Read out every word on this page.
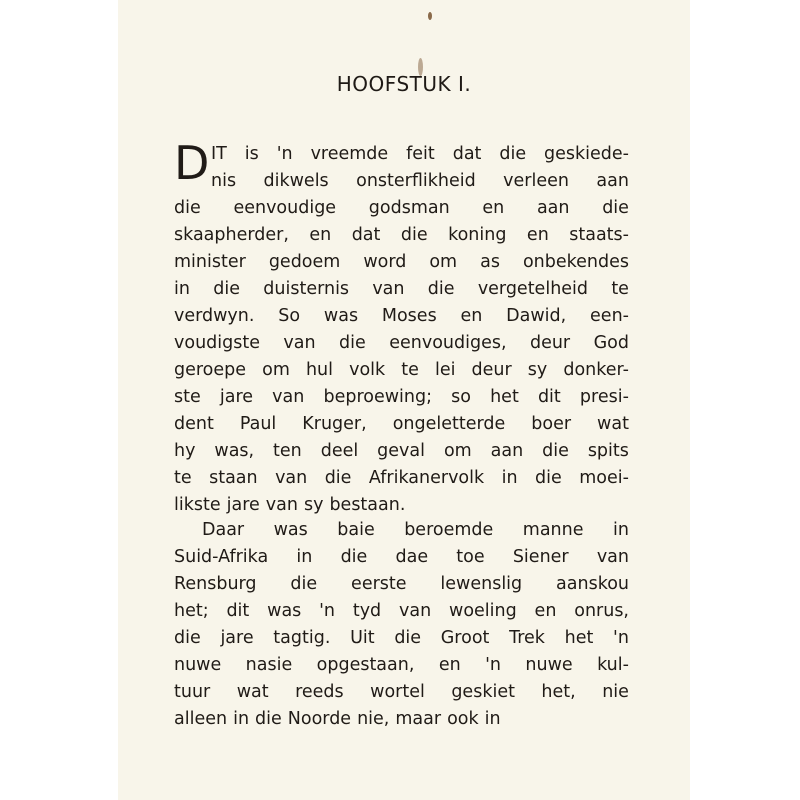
HOOFSTUK I.
D IT is 'n vreemde feit dat die geskiede-
nis dikwels onsterflikheid verleen aan
die eenvoudige godsman en aan die
skaapherder, en dat die koning en staats-
minister gedoem word om as onbekendes
in die duisternis van die vergetelheid te
verdwyn. So was Moses en Dawid, een-
voudigste van die eenvoudiges, deur God
geroepe om hul volk te lei deur sy donker-
ste jare van beproewing; so het dit presi-
dent Paul Kruger, ongeletterde boer wat
hy was, ten deel geval om aan die spits
te staan van die Afrikanervolk in die moei-
likste jare van sy bestaan.
Daar was baie beroemde manne in
Suid-Afrika in die dae toe Siener van
Rensburg die eerste lewenslig aanskou
het; dit was 'n tyd van woeling en onrus,
die jare tagtig. Uit die Groot Trek het 'n
nuwe nasie opgestaan, en 'n nuwe kul-
tuur wat reeds wortel geskiet het, nie
alleen in die Noorde nie, maar ook in
